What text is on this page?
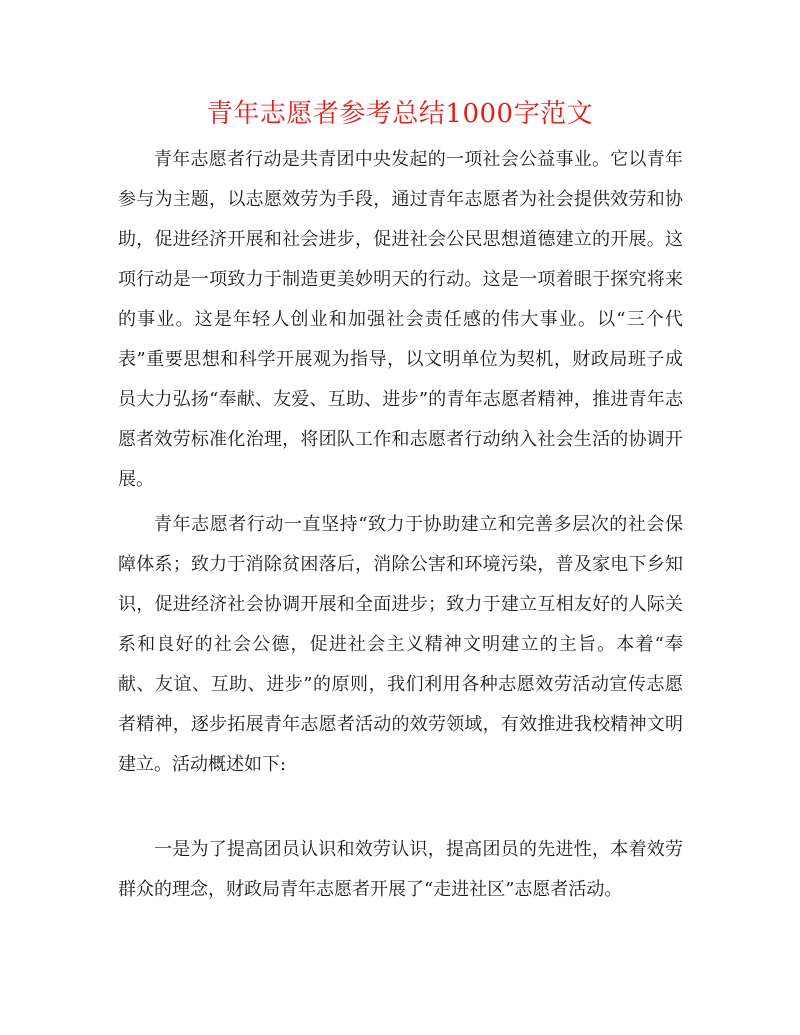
青年志愿者参考总结1000字范文

青年志愿者行动是共青团中央发起的一项社会公益事业。它以青年参与为主题，以志愿效劳为手段，通过青年志愿者为社会提供效劳和协助，促进经济开展和社会进步，促进社会公民思想道德建立的开展。这项行动是一项致力于制造更美妙明天的行动。这是一项着眼于探究将来的事业。这是年轻人创业和加强社会责任感的伟大事业。以“三个代表”重要思想和科学开展观为指导，以文明单位为契机，财政局班子成员大力弘扬“奉献、友爱、互助、进步”的青年志愿者精神，推进青年志愿者效劳标准化治理，将团队工作和志愿者行动纳入社会生活的协调开展。

青年志愿者行动一直坚持“致力于协助建立和完善多层次的社会保障体系；致力于消除贫困落后，消除公害和环境污染，普及家电下乡知识，促进经济社会协调开展和全面进步；致力于建立互相友好的人际关系和良好的社会公德，促进社会主义精神文明建立的主旨。本着“奉献、友谊、互助、进步”的原则，我们利用各种志愿效劳活动宣传志愿者精神，逐步拓展青年志愿者活动的效劳领域，有效推进我校精神文明建立。活动概述如下:

一是为了提高团员认识和效劳认识，提高团员的先进性，本着效劳群众的理念，财政局青年志愿者开展了“走进社区”志愿者活动。
